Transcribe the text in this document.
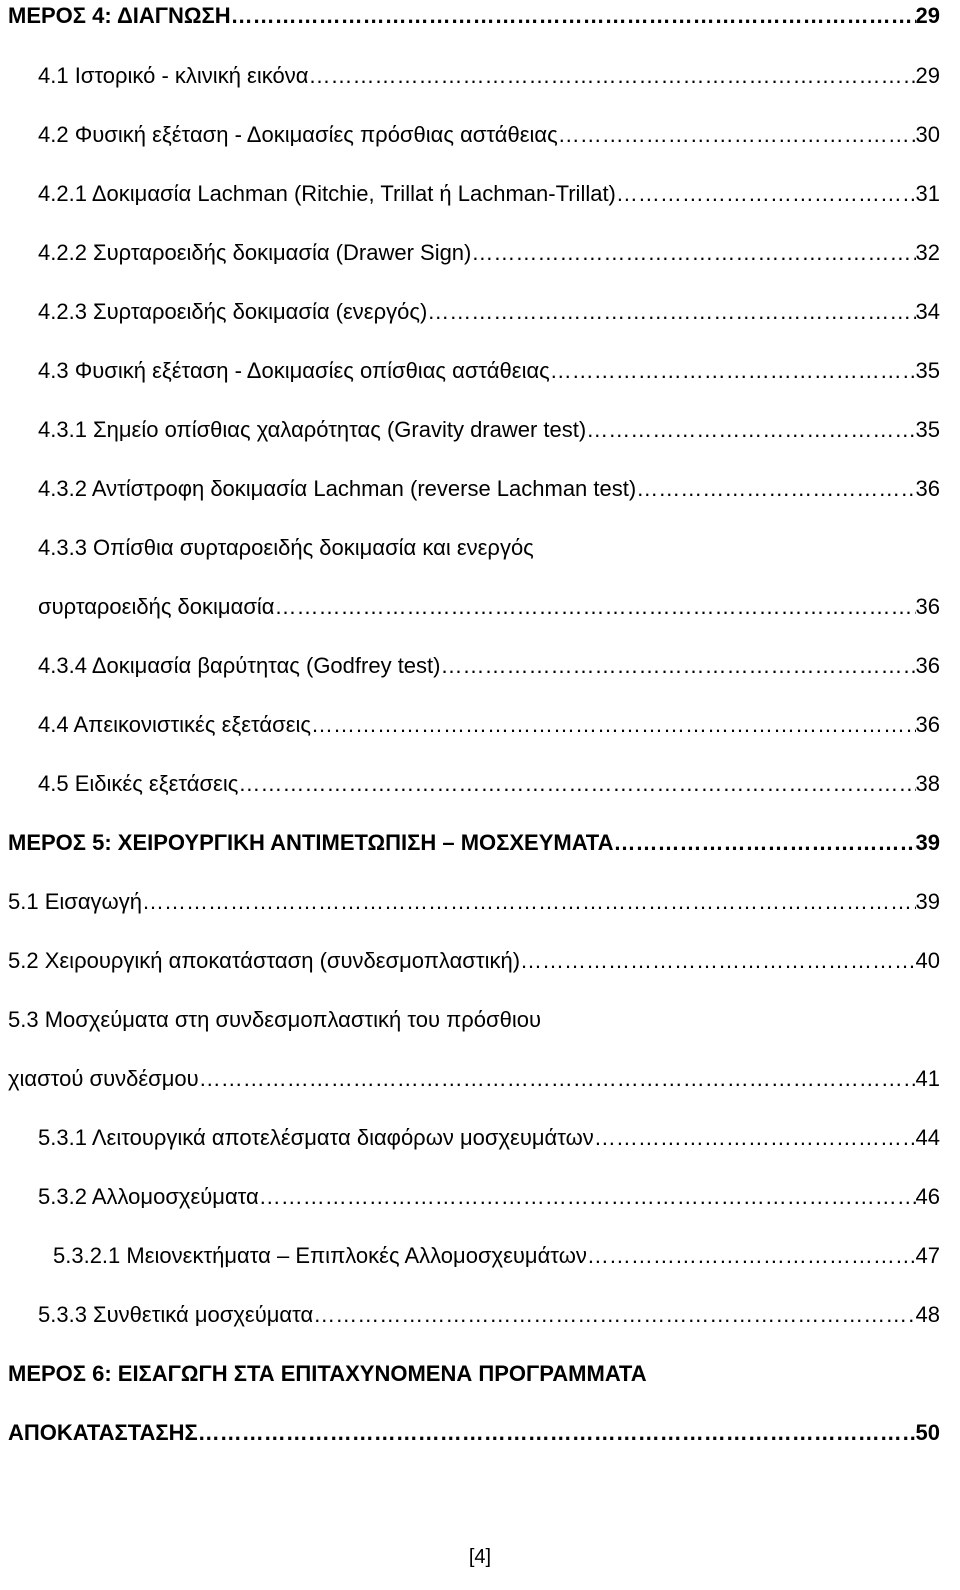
ΜΕΡΟΣ 4: ΔΙΑΓΝΩΣΗ ………………………………………………………………………………………………………………………………………………	29
4.1 Ιστορικό - κλινική εικόνα ………………………………………………………………………………………………………………………………………………	29
4.2 Φυσική εξέταση - Δοκιμασίες πρόσθιας αστάθειας ………………………………………………………………………………………………………………………………………………	30
4.2.1 Δοκιμασία Lachman (Ritchie, Trillat ή Lachman-Trillat) ………………………………………………………………………………………………………………………………………………	31
4.2.2 Συρταροειδής δοκιμασία (Drawer Sign) ………………………………………………………………………………………………………………………………………………	32
4.2.3 Συρταροειδής δοκιμασία (ενεργός) ………………………………………………………………………………………………………………………………………………	34
4.3 Φυσική εξέταση - Δοκιμασίες οπίσθιας αστάθειας ………………………………………………………………………………………………………………………………………………	35
4.3.1 Σημείο οπίσθιας χαλαρότητας (Gravity drawer test) ………………………………………………………………………………………………………………………………………………	35
4.3.2 Αντίστροφη δοκιμασία Lachman (reverse Lachman test) ………………………………………………………………………………………………………………………………………………	36
4.3.3 Οπίσθια συρταροειδής δοκιμασία και ενεργός
συρταροειδής δοκιμασία ………………………………………………………………………………………………………………………………………………	36
4.3.4 Δοκιμασία βαρύτητας (Godfrey test) ………………………………………………………………………………………………………………………………………………	36
4.4 Απεικονιστικές εξετάσεις ………………………………………………………………………………………………………………………………………………	36
4.5 Ειδικές εξετάσεις ………………………………………………………………………………………………………………………………………………	38
ΜΕΡΟΣ 5: ΧΕΙΡΟΥΡΓΙΚΗ ΑΝΤΙΜΕΤΩΠΙΣΗ – ΜΟΣΧΕΥΜΑΤΑ ………………………………………………………………………………………………………………………………………………	39
5.1 Εισαγωγή ………………………………………………………………………………………………………………………………………………	39
5.2 Χειρουργική αποκατάσταση (συνδεσμοπλαστική) ………………………………………………………………………………………………………………………………………………	40
5.3 Μοσχεύματα στη συνδεσμοπλαστική του πρόσθιου
χιαστού συνδέσμου ………………………………………………………………………………………………………………………………………………	41
5.3.1 Λειτουργικά αποτελέσματα διαφόρων μοσχευμάτων ………………………………………………………………………………………………………………………………………………	44
5.3.2 Αλλομοσχεύματα ………………………………………………………………………………………………………………………………………………	46
5.3.2.1 Μειονεκτήματα – Επιπλοκές Αλλομοσχευμάτων ………………………………………………………………………………………………………………………………………………	47
5.3.3 Συνθετικά μοσχεύματα ………………………………………………………………………………………………………………………………………………	48
ΜΕΡΟΣ 6: ΕΙΣΑΓΩΓΗ ΣΤΑ ΕΠΙΤΑΧΥΝΟΜΕΝΑ ΠΡΟΓΡΑΜΜΑΤΑ
ΑΠΟΚΑΤΑΣΤΑΣΗΣ ………………………………………………………………………………………………………………………………………………	50
[4]
